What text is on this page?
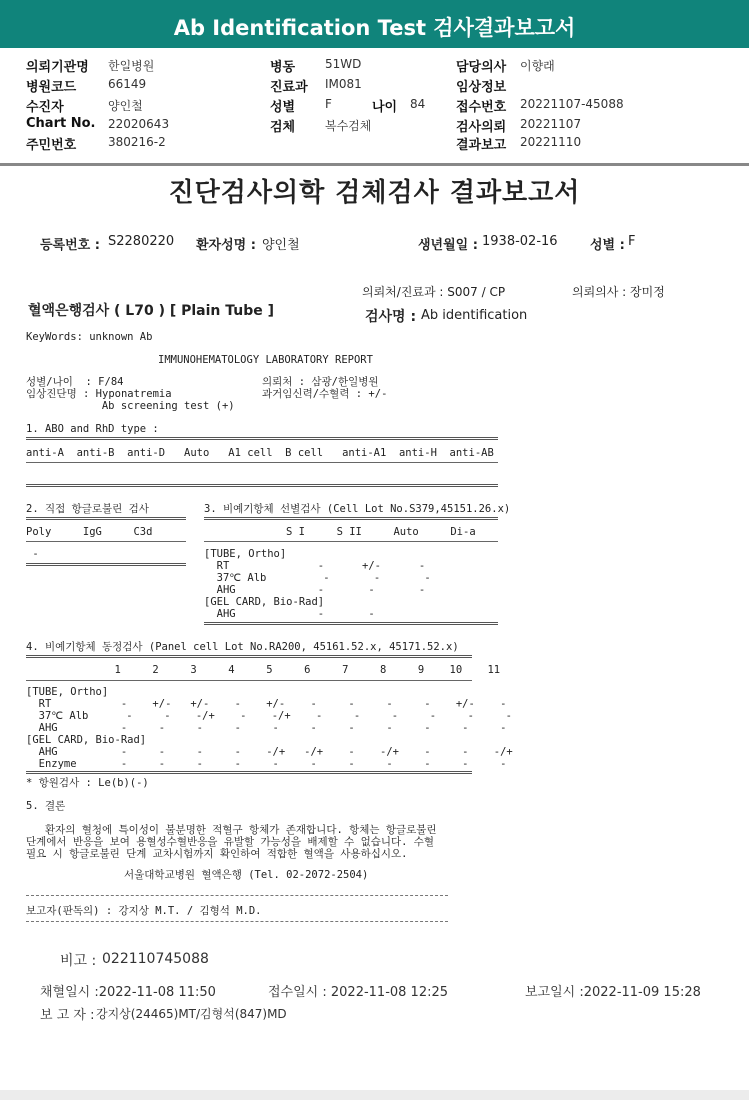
Ab Identification Test 검사결과보고서
의뢰기관명 한일병원
병원코드	66149
수진자	양인철
Chart No. 22020643
주민번호	380216-2
병동 51WD
진료과 IM081
성별 F	나이 84
검체 복수검체
담당의사 이향래
임상정보
접수번호 20221107-45088
검사의뢰 20221107
결과보고 20221110
진단검사의학 검체검사 결과보고서
등록번호 : S2280220 환자성명 : 양인철	생년월일 : 1938-02-16 성별 : F
의뢰처/진료과 : S007 / CP	의뢰의사 : 장미정
혈액은행검사 ( L70 ) [ Plain Tube ]	검사명 : Ab identification
KeyWords: unknown Ab
IMMUNOHEMATOLOGY LABORATORY REPORT
성별/나이  : F/84	의뢰처 : 삼광/한일병원
임상진단명 : Hyponatremia	과거임신력/수혈력 : +/-
Ab screening test (+)
1. ABO and RhD type :
anti-A  anti-B  anti-D   Auto   A1 cell  B cell   anti-A1  anti-H  anti-AB
2. 직접 항글로불린 검사
Poly     IgG     C3d
-
3. 비예기항체 선별검사 (Cell Lot No.S379,45151.26.x)
S I     S II     Auto     Di-a
[TUBE, Ortho]
RT              -      +/-      -
37℃ Alb         -       -       -
AHG             -       -       -
[GEL CARD, Bio-Rad]
AHG             -       -
4. 비예기항체 동정검사 (Panel cell Lot No.RA200, 45161.52.x, 45171.52.x)
1     2     3     4     5     6     7     8     9    10    11
[TUBE, Ortho]
RT           -    +/-   +/-    -    +/-    -     -     -     -    +/-    -
37℃ Alb      -     -    -/+    -    -/+    -     -     -     -     -     -
AHG          -     -     -     -     -     -     -     -     -     -     -
[GEL CARD, Bio-Rad]
AHG          -     -     -     -    -/+   -/+    -    -/+    -     -    -/+
Enzyme       -     -     -     -     -     -     -     -     -     -     -
* 항원검사 : Le(b)(-)
5. 결론
환자의 혈청에 특이성이 불분명한 적혈구 항체가 존재합니다. 항체는 항글로불린
단계에서 반응을 보여 용혈성수혈반응을 유발할 가능성을 배제할 수 없습니다. 수혈
필요 시 항글로불린 단계 교차시험까지 확인하여 적합한 혈액을 사용하십시오.
서울대학교병원 혈액은행 (Tel. 02-2072-2504)
보고자(판독의) : 강지상 M.T. / 김형석 M.D.
비고 : 022110745088
채혈일시 :2022-11-08 11:50	접수일시 : 2022-11-08 12:25	보고일시 :2022-11-09 15:28
보 고 자 : 강지상(24465)MT/김형석(847)MD
